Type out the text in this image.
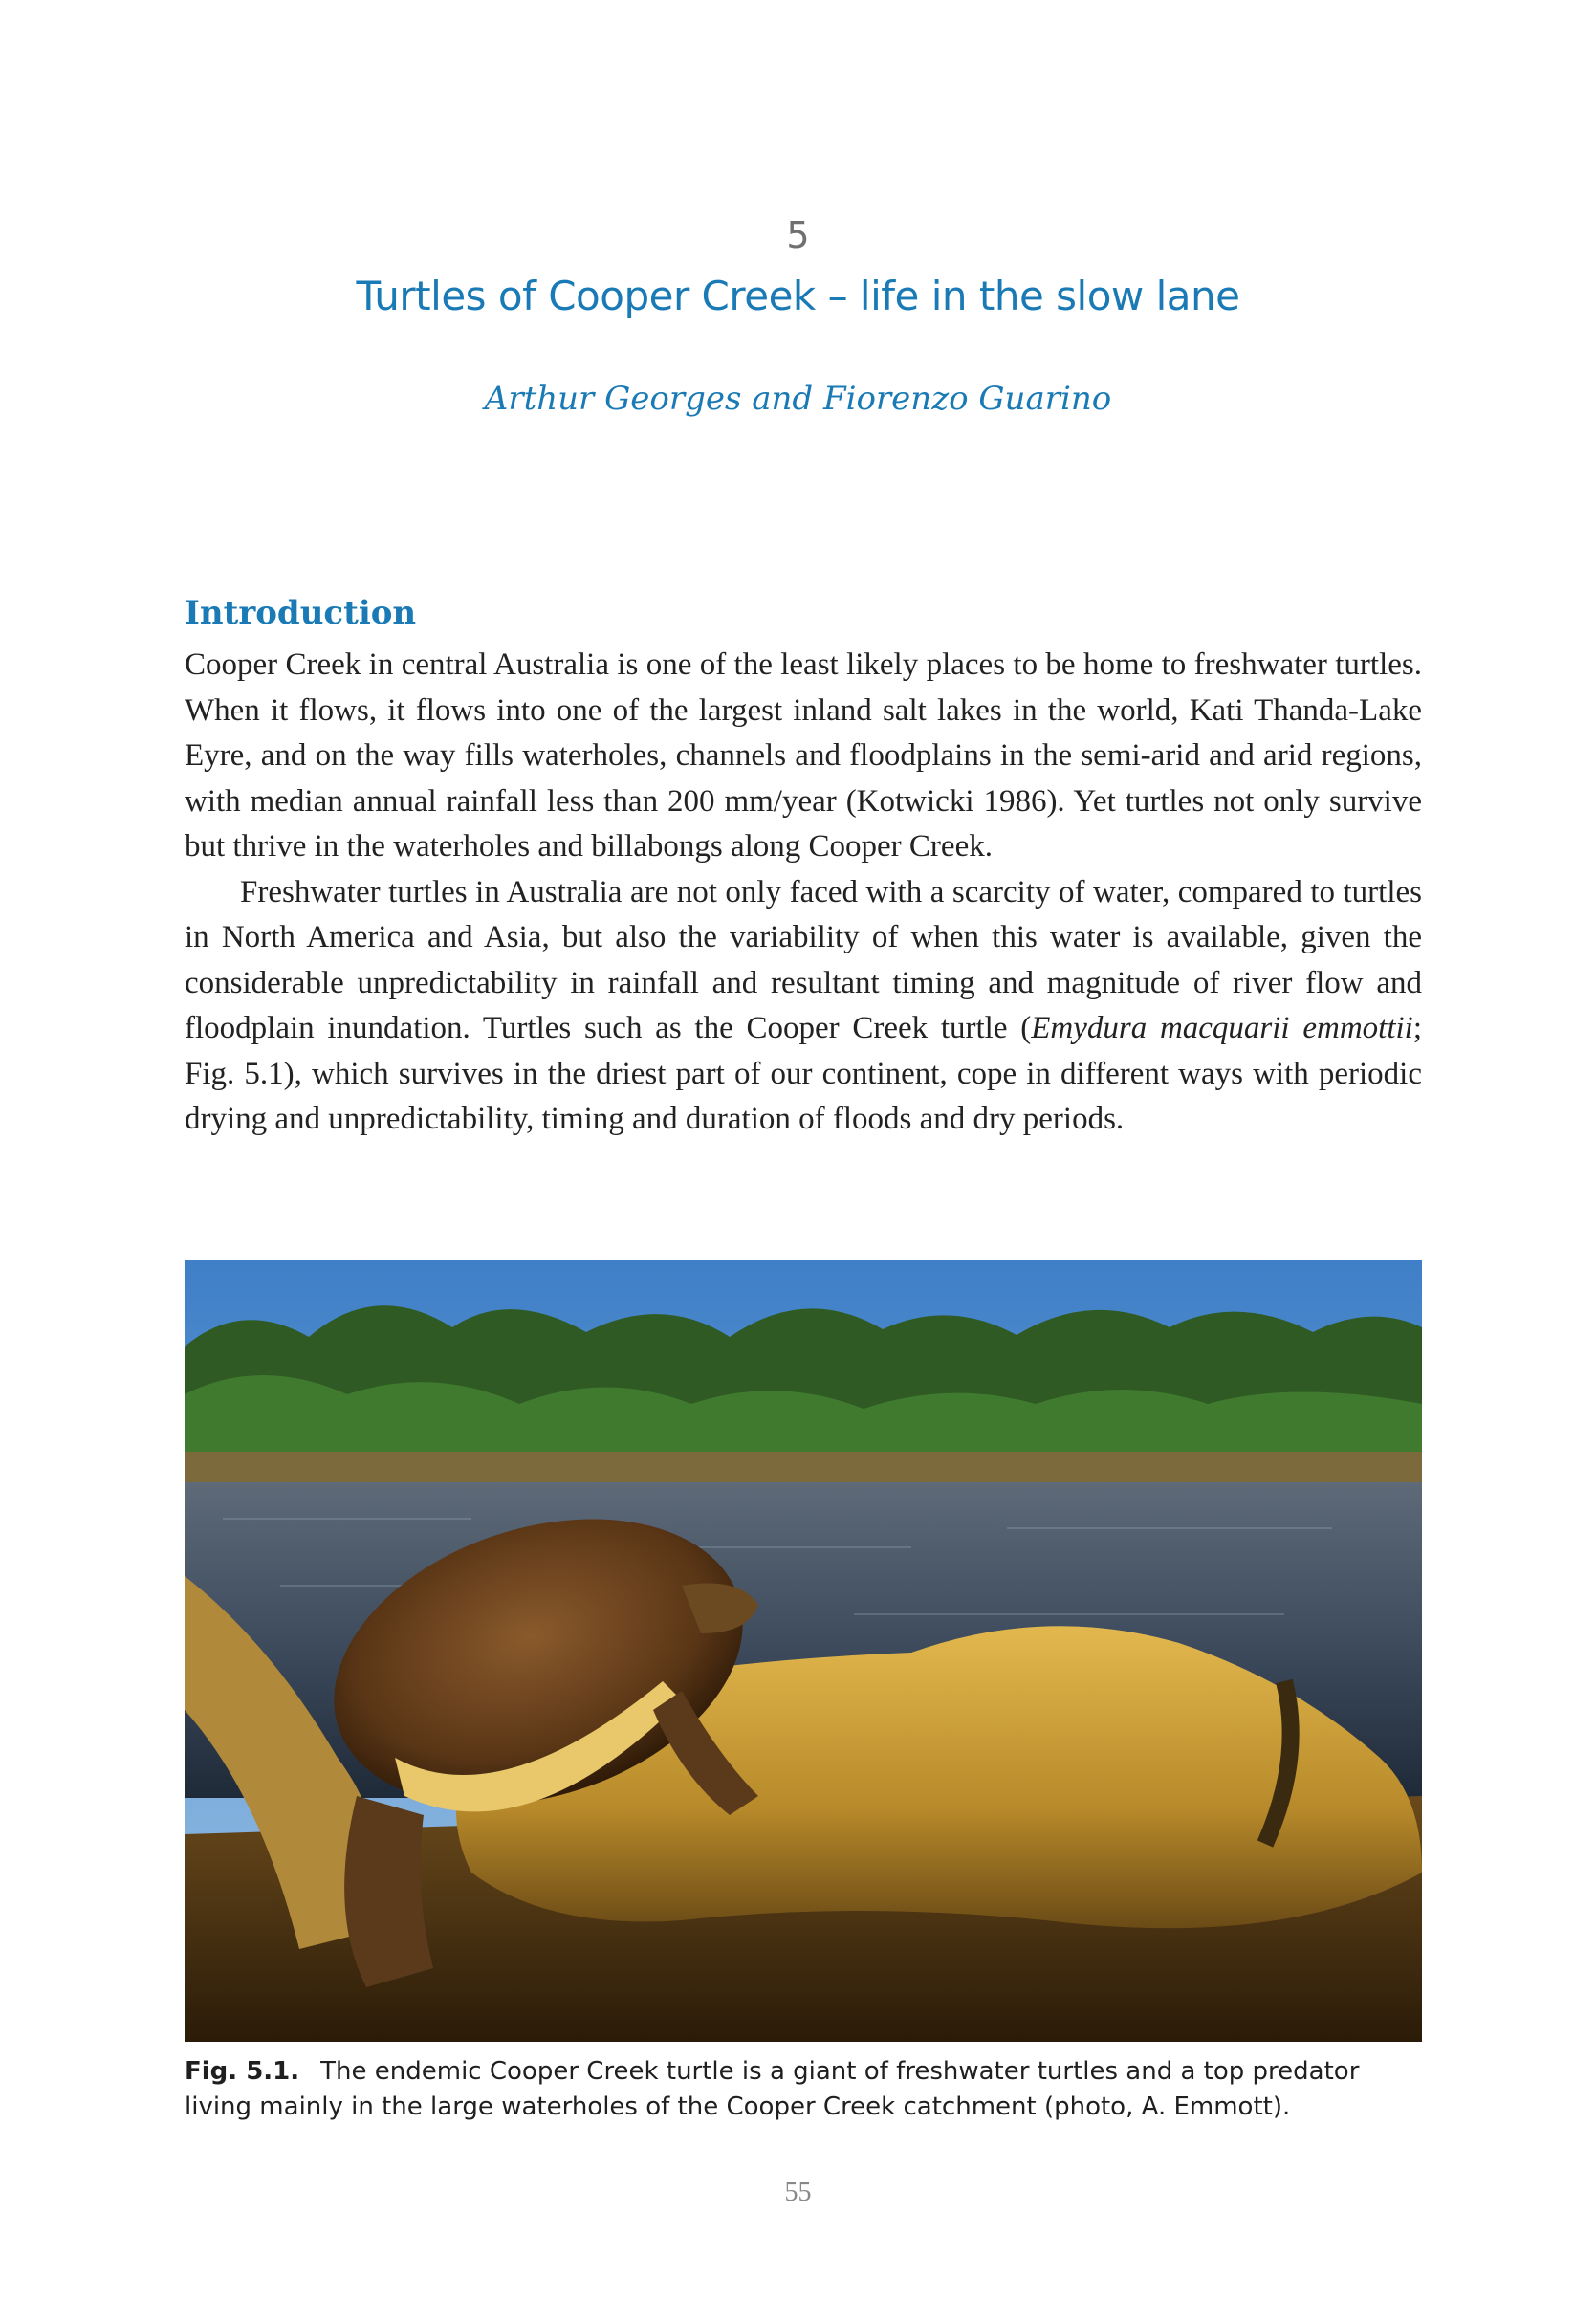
5
Turtles of Cooper Creek – life in the slow lane
Arthur Georges and Fiorenzo Guarino
Introduction

Cooper Creek in central Australia is one of the least likely places to be home to freshwater turtles. When it flows, it flows into one of the largest inland salt lakes in the world, Kati Thanda-Lake Eyre, and on the way fills waterholes, channels and floodplains in the semi-arid and arid regions, with median annual rainfall less than 200 mm/year (Kotwicki 1986). Yet turtles not only survive but thrive in the waterholes and billabongs along Cooper Creek.

Freshwater turtles in Australia are not only faced with a scarcity of water, compared to turtles in North America and Asia, but also the variability of when this water is available, given the considerable unpredictability in rainfall and resultant timing and magnitude of river flow and floodplain inundation. Turtles such as the Cooper Creek turtle (Emydura macquarii emmottii; Fig. 5.1), which survives in the driest part of our continent, cope in different ways with periodic drying and unpredictability, timing and duration of floods and dry periods.

Fig. 5.1. The endemic Cooper Creek turtle is a giant of freshwater turtles and a top predator living mainly in the large waterholes of the Cooper Creek catchment (photo, A. Emmott).
55
